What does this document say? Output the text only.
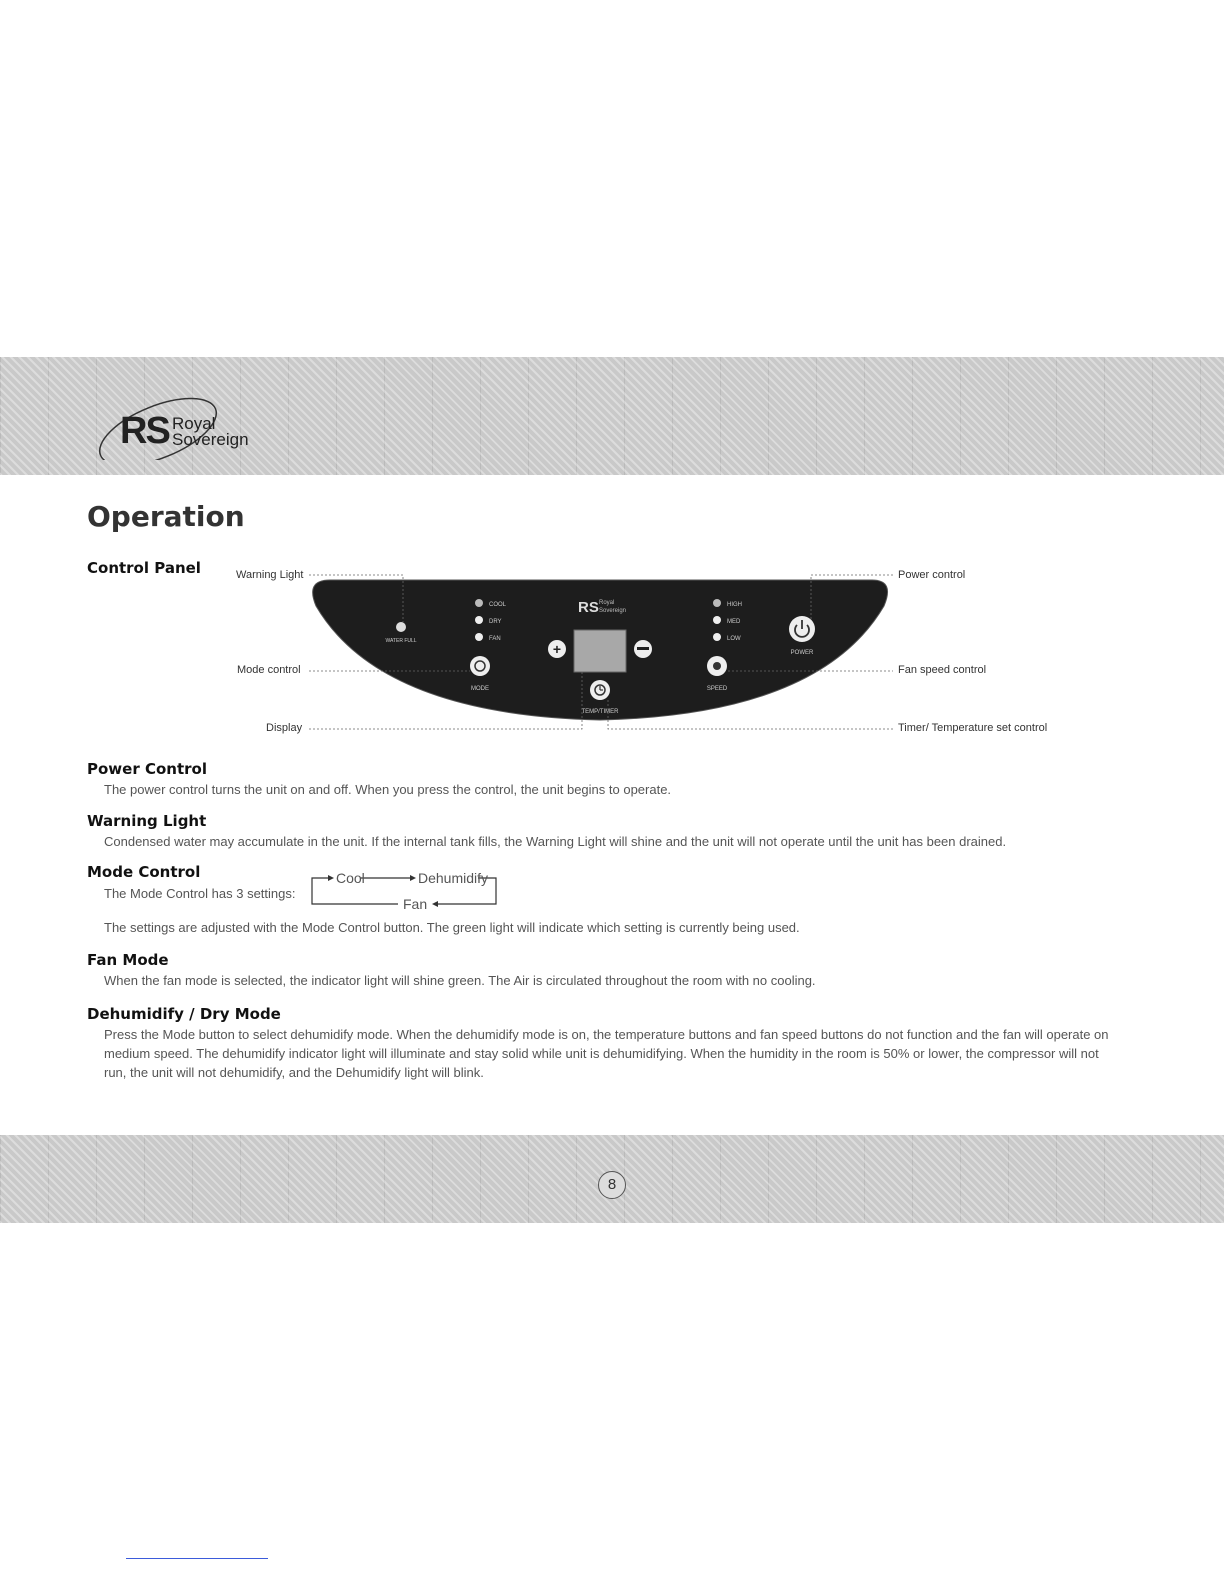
RS Royal
Sovereign
Operation
Control Panel
WATER FULL
COOL
DRY
FAN
MODE
RS Royal
Sovereign
+
TEMP/TIMER
HIGH
MED
LOW
SPEED
POWER
Warning Light
Mode control
Display
Power control
Fan speed control
Timer/ Temperature set control
Power Control

The power control turns the unit on and off. When you press the control, the unit begins to operate.

Warning Light

Condensed water may accumulate in the unit. If the internal tank fills, the Warning Light will shine and the unit will not operate until the unit has been drained.

Mode Control

The Mode Control has 3 settings:

Cool	Dehumidify
Fan

The settings are adjusted with the Mode Control button. The green light will indicate which setting is currently being used.

Fan Mode

When the fan mode is selected, the indicator light will shine green. The Air is circulated throughout the room with no cooling.

Dehumidify / Dry Mode

Press the Mode button to select dehumidify mode. When the dehumidify mode is on, the temperature buttons and fan speed buttons do not function and the fan will operate on medium speed. The dehumidify indicator light will illuminate and stay solid while unit is dehumidifying. When the humidity in the room is 50% or lower, the compressor will not run, the unit will not dehumidify, and the Dehumidify light will blink.

8
